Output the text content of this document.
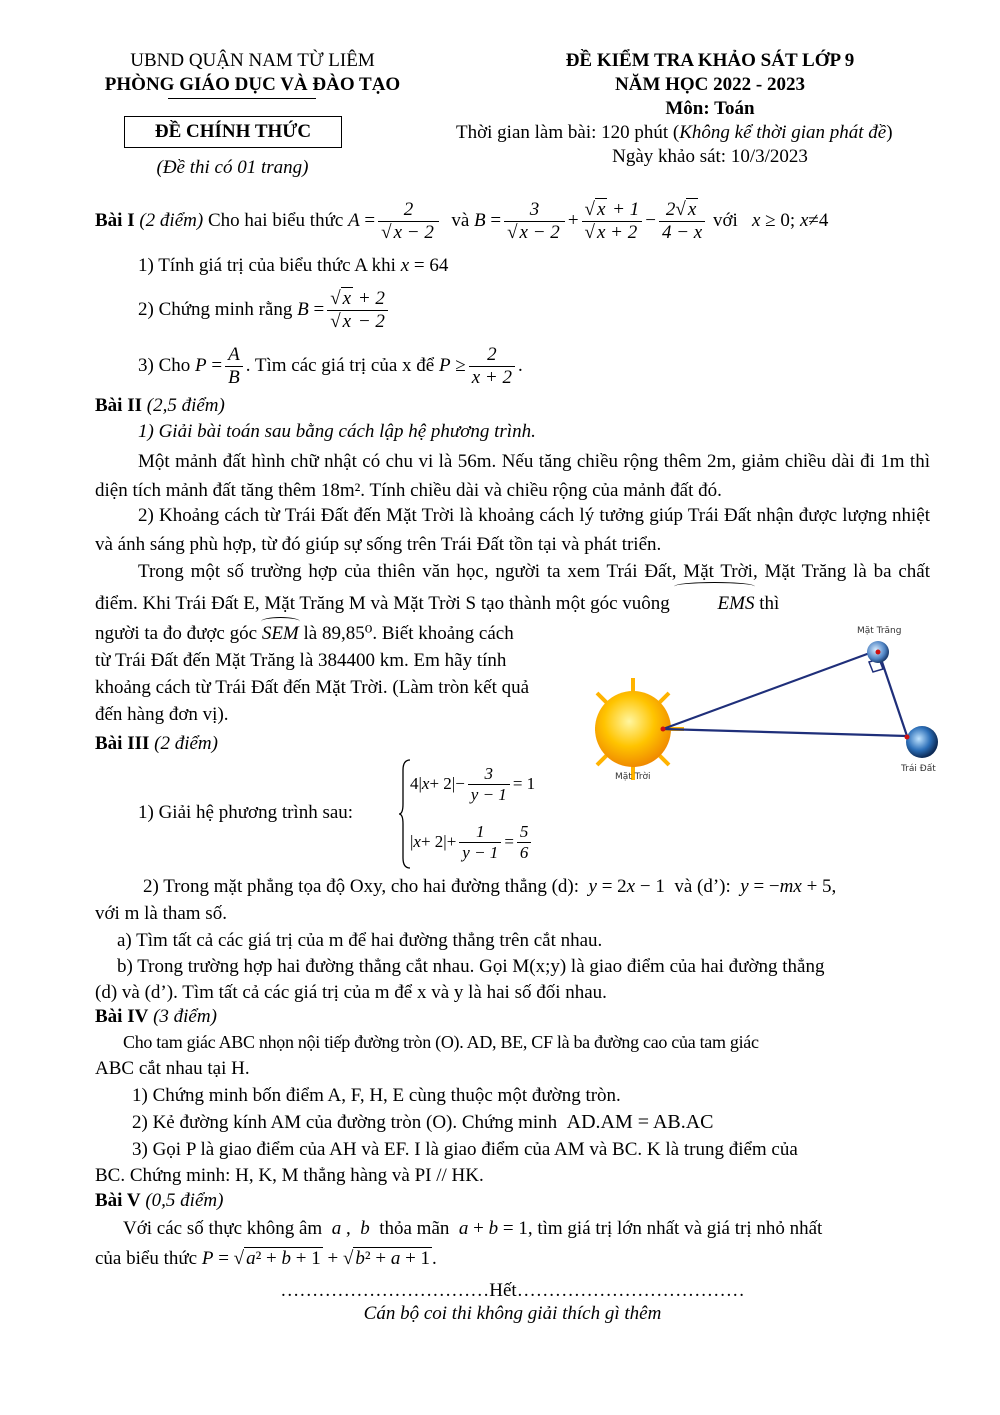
UBND QUẬN NAM TỪ LIÊM
PHÒNG GIÁO DỤC VÀ ĐÀO TẠO
ĐỀ CHÍNH THỨC
(Đề thi có 01 trang)
ĐỀ KIỂM TRA KHẢO SÁT LỚP 9
NĂM HỌC 2022 - 2023
Môn: Toán
Thời gian làm bài: 120 phút (Không kể thời gian phát đề)
Ngày khảo sát: 10/3/2023
Bài I
(2 điểm)
Cho hai biểu thức
$A = \frac{2}{√ x - 2}$
và
$B = \frac{3}{√ x - 2} + \frac{√ x + 1}{√ x + 2} - \frac{2√ x}{4 - x}$
với
x ≥ 0; x ≠4
1) Tính giá trị của biểu thức A khi x = 64
2) Chứng minh rằng
$B = \frac{√ x + 2}{√ x - 2}$
3) Cho
$P = \frac{A}{B}$ . Tìm các giá trị của x để
$P \ge \frac{2}{x + 2}$ .
Bài II (2,5 điểm)
1) Giải bài toán sau bằng cách lập hệ phương trình.
Một mảnh đất hình chữ nhật có chu vi là 56m. Nếu tăng chiều rộng thêm 2m, giảm chiều dài đi 1m thì diện tích mảnh đất tăng thêm 18m². Tính chiều dài và chiều rộng của mảnh đất đó.
2) Khoảng cách từ Trái Đất đến Mặt Trời là khoảng cách lý tưởng giúp Trái Đất nhận được lượng nhiệt và ánh sáng phù hợp, từ đó giúp sự sống trên Trái Đất tồn tại và phát triển.
Trong một số trường hợp của thiên văn học, người ta xem Trái Đất, Mặt Trời, Mặt Trăng là ba chất điểm. Khi Trái Đất E, Mặt Trăng M và Mặt Trời S tạo thành một góc vuông	EMS thì
người ta đo được góc SEM là 89,85⁰. Biết khoảng cách
từ Trái Đất đến Mặt Trăng là 384400 km. Em hãy tính
khoảng cách từ Trái Đất đến Mặt Trời. (Làm tròn kết quả
đến hàng đơn vị).
Mặt Trăng
Mặt Trời
Trái Đất
Bài III (2 điểm)
1) Giải hệ phương trình sau:
4| $x + 2|- \frac{3}{y - 1} = 1$
| $x + 2|+ \frac{1}{y - 1} = \frac{5}{6}$
2) Trong mặt phẳng tọa độ Oxy, cho hai đường thẳng (d): y = 2x − 1  và (d’): y = −mx + 5,
với m là tham số.
a) Tìm tất cả các giá trị của m để hai đường thẳng trên cắt nhau.
b) Trong trường hợp hai đường thẳng cắt nhau. Gọi M(x;y) là giao điểm của hai đường thẳng
(d) và (d’). Tìm tất cả các giá trị của m để x và y là hai số đối nhau.
Bài IV (3 điểm)
Cho tam giác ABC nhọn nội tiếp đường tròn (O). AD, BE, CF là ba đường cao của tam giác
ABC cắt nhau tại H.
1) Chứng minh bốn điểm A, F, H, E cùng thuộc một đường tròn.
2) Kẻ đường kính AM của đường tròn (O). Chứng minh AD.AM = AB.AC
3) Gọi P là giao điểm của AH và EF. I là giao điểm của AM và BC. K là trung điểm của
BC. Chứng minh: H, K, M thẳng hàng và PI // HK.
Bài V (0,5 điểm)
Với các số thực không âm a ,  b thỏa mãn a + b = 1, tìm giá trị lớn nhất và giá trị nhỏ nhất
của biểu thức P = √ a² + b + 1 + √ b² + a + 1 .
……………………………Hết………………………………
Cán bộ coi thi không giải thích gì thêm
